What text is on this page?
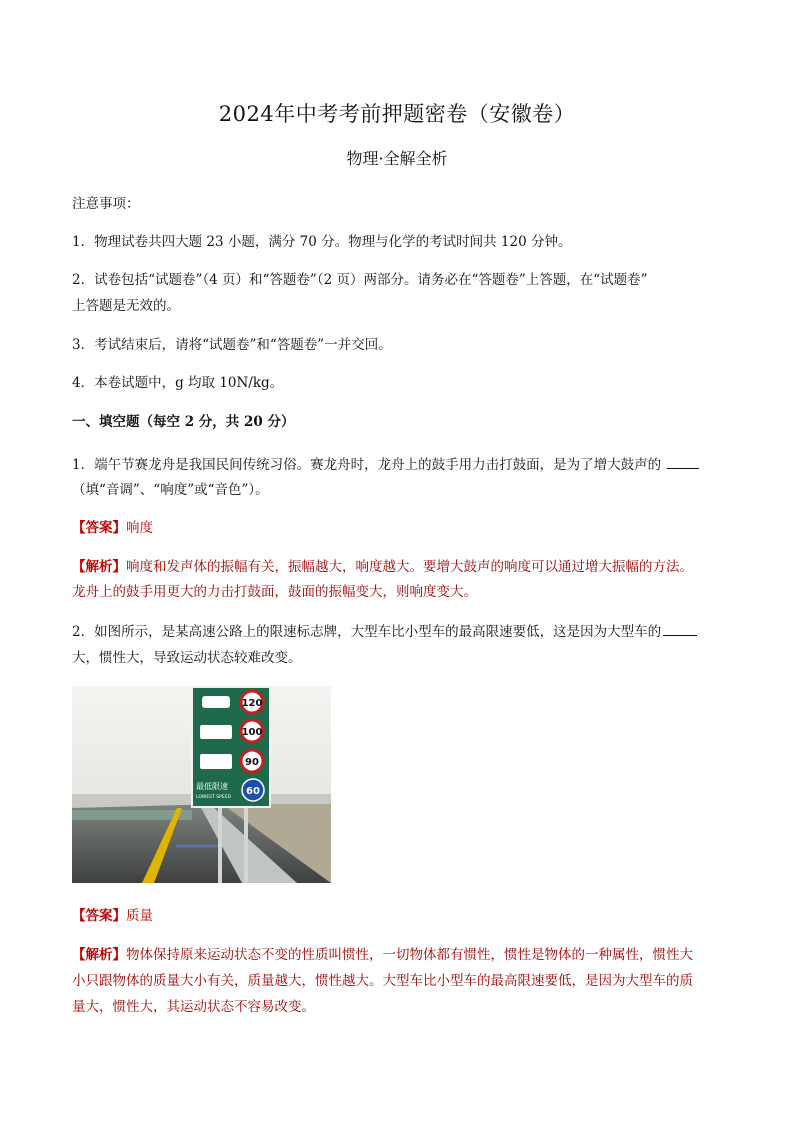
2024年中考考前押题密卷（安徽卷）
物理·全解全析
注意事项：
1．物理试卷共四大题 23 小题，满分 70 分。物理与化学的考试时间共 120 分钟。
2．试卷包括“试题卷”（4 页）和“答题卷”（2 页）两部分。请务必在“答题卷”上答题，在“试题卷”
上答题是无效的。
3．考试结束后，请将“试题卷”和“答题卷”一并交回。
4．本卷试题中，g 均取 10N/kg。
一、填空题（每空 2 分，共 20 分）
1．端午节赛龙舟是我国民间传统习俗。赛龙舟时，龙舟上的鼓手用力击打鼓面，是为了增大鼓声的
（填“音调”、“响度”或“音色”）。
【答案】响度
【解析】响度和发声体的振幅有关，振幅越大，响度越大。要增大鼓声的响度可以通过增大振幅的方法。
龙舟上的鼓手用更大的力击打鼓面，鼓面的振幅变大，则响度变大。
2．如图所示，是某高速公路上的限速标志牌，大型车比小型车的最高限速要低，这是因为大型车的
大，惯性大，导致运动状态较难改变。
120
100
90
最低限速
LOWEST SPEED
60
【答案】质量
【解析】物体保持原来运动状态不变的性质叫惯性，一切物体都有惯性，惯性是物体的一种属性，惯性大
小只跟物体的质量大小有关，质量越大，惯性越大。大型车比小型车的最高限速要低，是因为大型车的质
量大，惯性大，其运动状态不容易改变。
